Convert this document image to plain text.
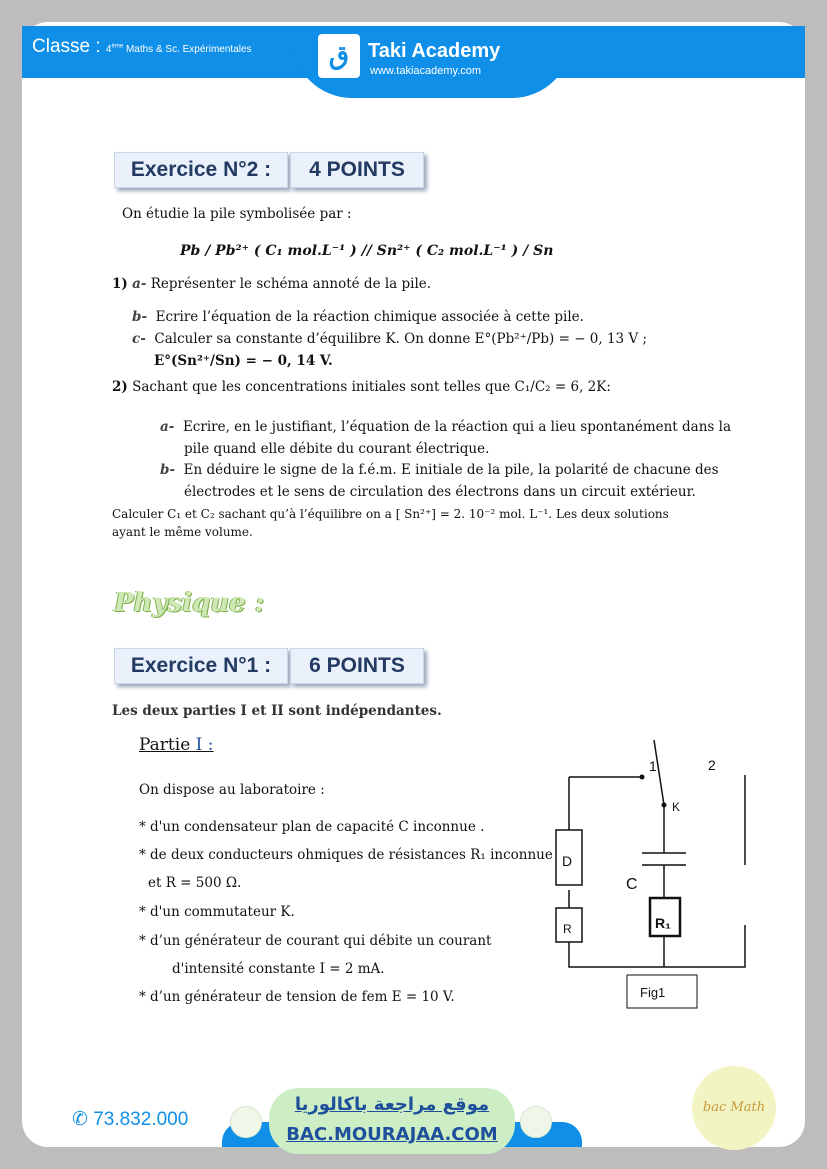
Classe : 4ème Maths & Sc. Expérimentales	ق Taki Academy
www.takiacademy.com
Exercice N°2 :	4 POINTS
On étudie la pile symbolisée par :
Pb / Pb²⁺ ( C₁ mol.L⁻¹ ) // Sn²⁺ ( C₂ mol.L⁻¹ ) / Sn
1) a- Représenter le schéma annoté de la pile.
b- Ecrire l’équation de la réaction chimique associée à cette pile.
c- Calculer sa constante d’équilibre K. On donne E°(Pb²⁺/Pb) = − 0, 13 V ;
E°(Sn²⁺/Sn) = − 0, 14 V.
2) Sachant que les concentrations initiales sont telles que C₁/C₂ = 6, 2K:
a- Ecrire, en le justifiant, l’équation de la réaction qui a lieu spontanément dans la
pile quand elle débite du courant électrique.
b- En déduire le signe de la f.é.m. E initiale de la pile, la polarité de chacune des
électrodes et le sens de circulation des électrons dans un circuit extérieur.
Calculer C₁ et C₂ sachant qu’à l’équilibre on a [ Sn²⁺] = 2. 10⁻² mol. L⁻¹. Les deux solutions
ayant le même volume.
Physique :
Exercice N°1 :	6 POINTS
Les deux parties I et II sont indépendantes.
Partie I :
On dispose au laboratoire :
* d'un condensateur plan de capacité C inconnue .
* de deux conducteurs ohmiques de résistances R₁ inconnue
et R = 500 Ω.
* d'un commutateur K.
* d’un générateur de courant qui débite un courant
d'intensité constante I = 2 mA.
* d’un générateur de tension de fem E = 10 V.
1	2
K
C
D
R	R₁
Fig1
✆ 73.832.000
موقع مراجعة باكالوريا
BAC.MOURAJAA.COM
bac Math
